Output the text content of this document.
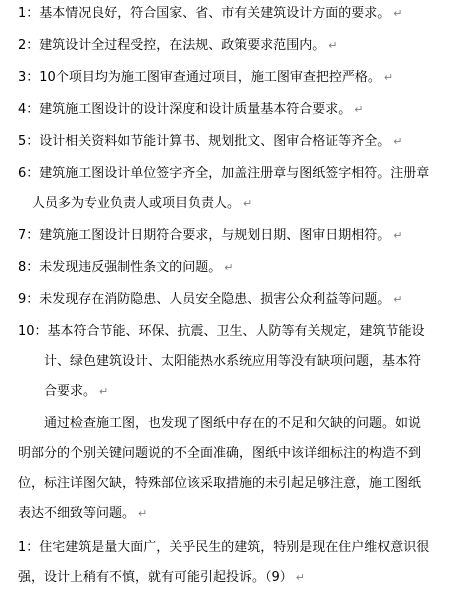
1：基本情况良好，符合国家、省、市有关建筑设计方面的要求。 ↵
2：建筑设计全过程受控，在法规、政策要求范围内。 ↵
3：10个项目均为施工图审查通过项目，施工图审查把控严格。 ↵
4：建筑施工图设计的设计深度和设计质量基本符合要求。 ↵
5：设计相关资料如节能计算书、规划批文、图审合格证等齐全。 ↵
6：建筑施工图设计单位签字齐全，加盖注册章与图纸签字相符。注册章
人员多为专业负责人或项目负责人。 ↵
7：建筑施工图设计日期符合要求，与规划日期、图审日期相符。 ↵
8：未发现违反强制性条文的问题。 ↵
9：未发现存在消防隐患、人员安全隐患、损害公众利益等问题。 ↵
10：基本符合节能、环保、抗震、卫生、人防等有关规定，建筑节能设
计、绿色建筑设计、太阳能热水系统应用等没有缺项问题，基本符
合要求。 ↵
通过检查施工图，也发现了图纸中存在的不足和欠缺的问题。如说
明部分的个别关键问题说的不全面准确，图纸中该详细标注的构造不到
位，标注详图欠缺，特殊部位该采取措施的未引起足够注意，施工图纸
表达不细致等问题。 ↵
1：住宅建筑是量大面广，关乎民生的建筑，特别是现在住户维权意识很
强，设计上稍有不慎，就有可能引起投诉。（9） ↵
